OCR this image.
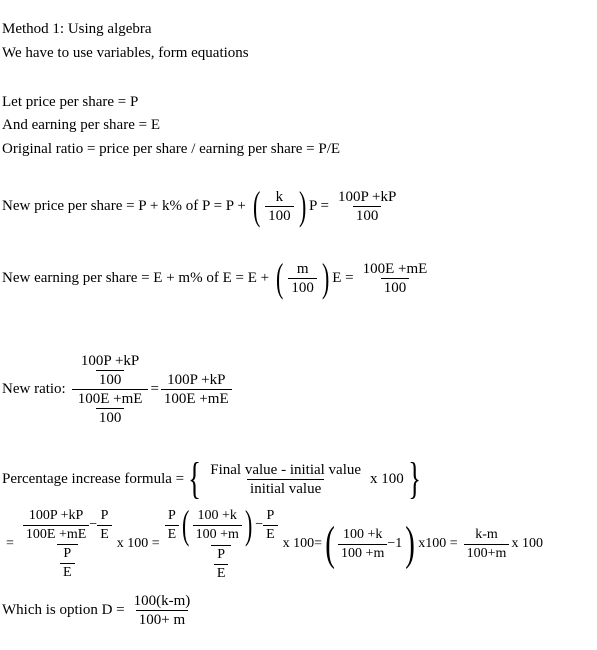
Method 1: Using algebra
We have to use variables, form equations
Let price per share = P
And earning per share = E
Original ratio = price per share / earning per share = P/E
New price per share = P + k% of P = P + ( $\frac{k}{100}$ ) $P = \frac{100P +kP}{100}$
New earning per share = E + m% of E = E + ( $\frac{m}{100}$ ) $E = \frac{100E +mE}{100}$
New ratio: $\frac{\frac{100P +kP}{100}}{\frac{100E +mE}{100}} = \frac{100P +kP}{100E +mE}$
Percentage increase formula = { $\frac{\text{Final value - initial value}}{\text{initial value}}$ x 100 }
= $\frac{\frac{100P +kP}{100E +mE} - \frac{P}{E}}{\frac{P}{E}}$ x $100 = \frac{\frac{P}{E} ( \frac{100 +k}{100 +m} ) - \frac{P}{E}}{\frac{P}{E}}$ x 100= ( $\frac{100 +k}{100 +m} -1$ ) $x100 = \frac{k-m}{100+m}$ x 100
Which is option $D = \frac{100(k-m)}{100+ m}$
